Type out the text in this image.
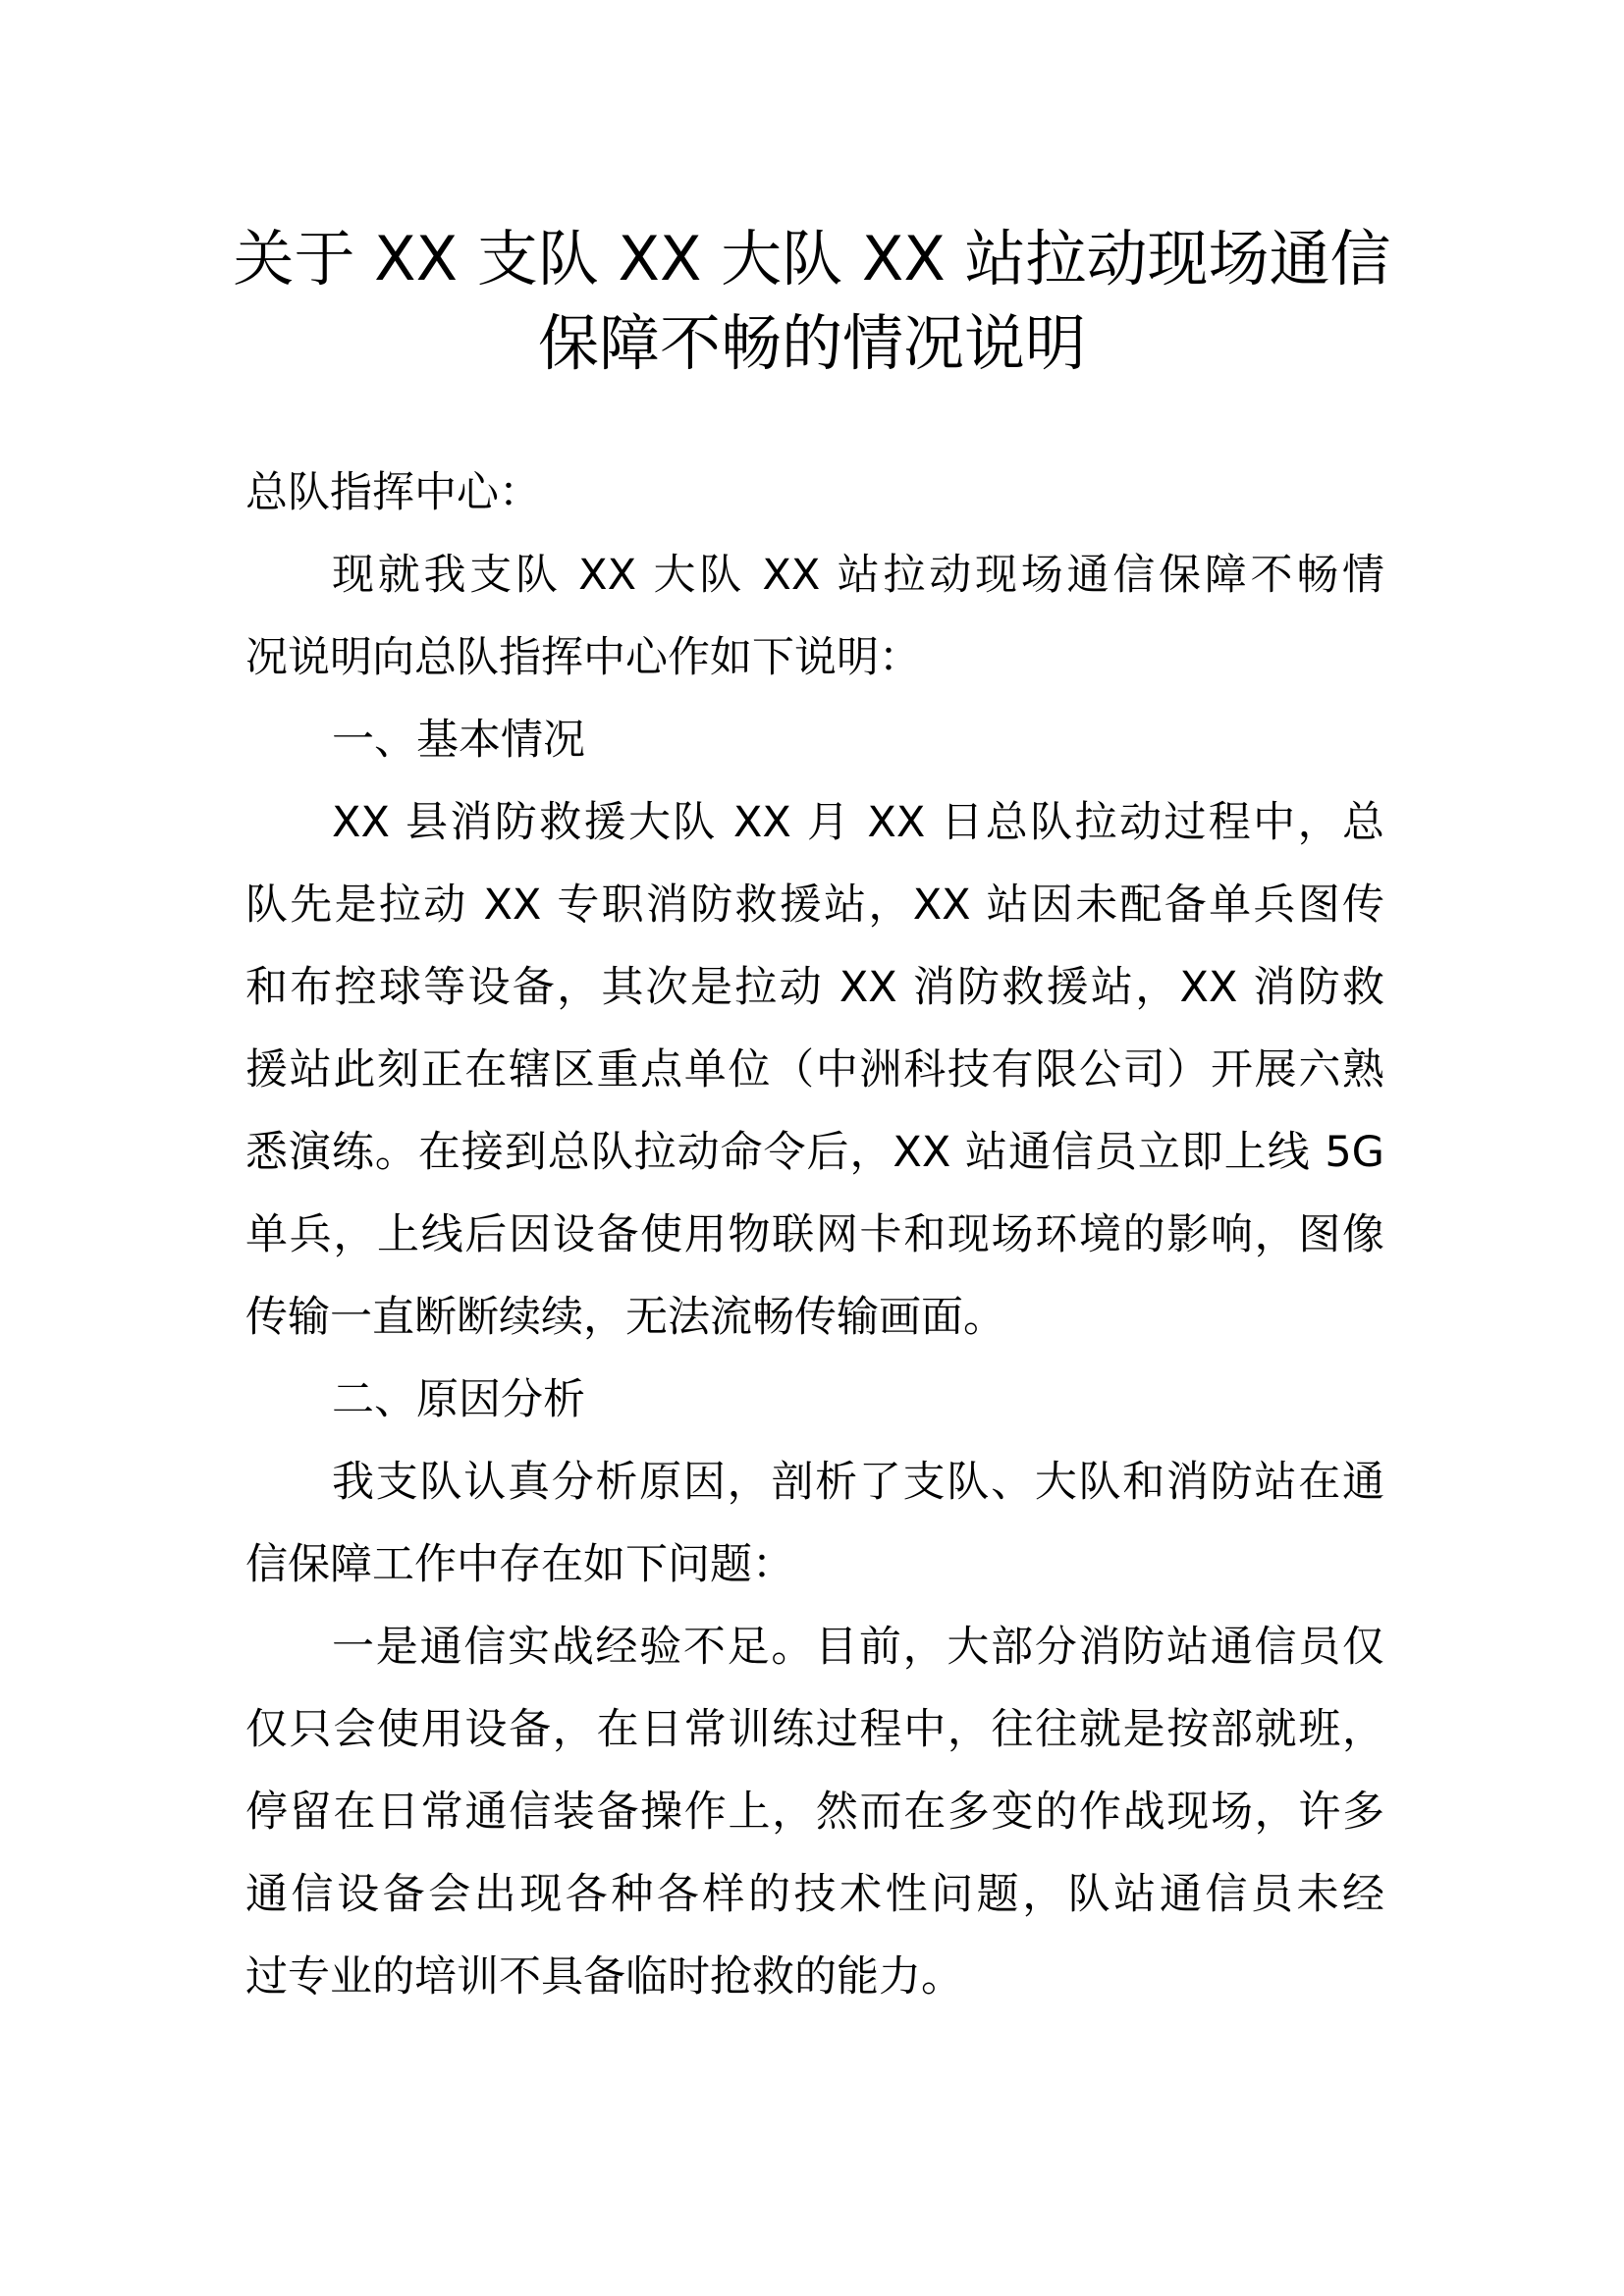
关于 XX 支队 XX 大队 XX 站拉动现场通信
保障不畅的情况说明

总队指挥中心：

现就我支队 XX 大队 XX 站拉动现场通信保障不畅情

况说明向总队指挥中心作如下说明：

一、基本情况

XX 县消防救援大队 XX 月 XX 日总队拉动过程中，总

队先是拉动 XX 专职消防救援站，XX 站因未配备单兵图传

和布控球等设备，其次是拉动 XX 消防救援站，XX 消防救

援站此刻正在辖区重点单位（中洲科技有限公司）开展六熟

悉演练。在接到总队拉动命令后，XX 站通信员立即上线 5G

单兵，上线后因设备使用物联网卡和现场环境的影响，图像

传输一直断断续续，无法流畅传输画面。

二、原因分析

我支队认真分析原因，剖析了支队、大队和消防站在通

信保障工作中存在如下问题：

一是通信实战经验不足。目前，大部分消防站通信员仅

仅只会使用设备，在日常训练过程中，往往就是按部就班，

停留在日常通信装备操作上，然而在多变的作战现场，许多

通信设备会出现各种各样的技术性问题，队站通信员未经

过专业的培训不具备临时抢救的能力。
